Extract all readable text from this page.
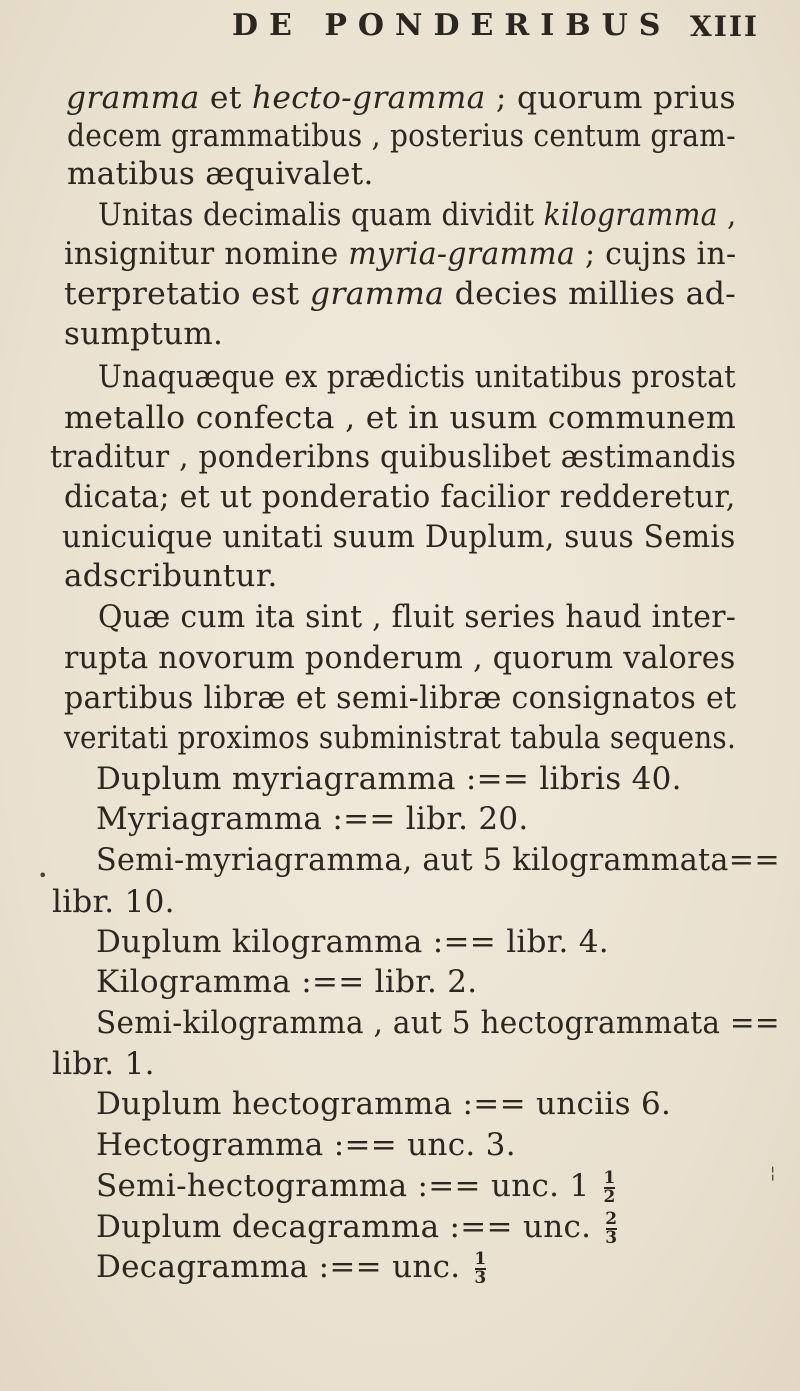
DE PONDERIBUS XIII
gramma et hecto-gramma ; quorum prius
decem grammatibus , posterius centum gram-
matibus æquivalet.
Unitas decimalis quam dividit kilogramma ,
insignitur nomine myria-gramma ; cujns in-
terpretatio est gramma decies millies ad-
sumptum.
Unaquæque ex prædictis unitatibus prostat
metallo confecta , et in usum communem
traditur , ponderibns quibuslibet æstimandis
dicata; et ut ponderatio facilior redderetur,
unicuique unitati suum Duplum, suus Semis
adscribuntur.
Quæ cum ita sint , fluit series haud inter-
rupta novorum ponderum , quorum valores
partibus libræ et semi-libræ consignatos et
veritati proximos subministrat tabula sequens.
Duplum myriagramma :== libris 40.
Myriagramma :== libr. 20.
Semi-myriagramma, aut 5 kilogrammata==
libr. 10.
Duplum kilogramma :== libr. 4.
Kilogramma :== libr. 2.
Semi-kilogramma , aut 5 hectogrammata ==
libr. 1.
Duplum hectogramma :== unciis 6.
Hectogramma :== unc. 3.
Semi-hectogramma :== unc. $1 \frac{1}{2}$
Duplum decagramma :== unc. $\frac{2}{3}$
Decagramma :== unc. $\frac{1}{3}$
¦
•
